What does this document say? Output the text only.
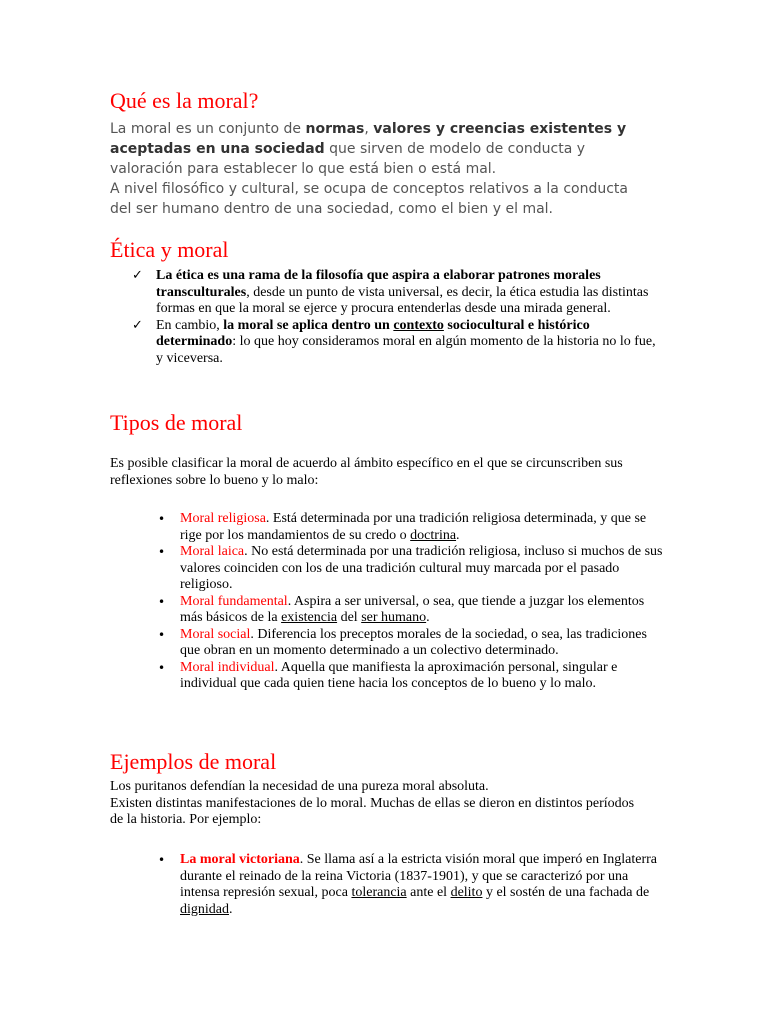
Qué es la moral?

La moral es un conjunto de normas, valores y creencias existentes y aceptadas en una sociedad que sirven de modelo de conducta y valoración para establecer lo que está bien o está mal.

A nivel filosófico y cultural, se ocupa de conceptos relativos a la conducta del ser humano dentro de una sociedad, como el bien y el mal.

Ética y moral
✓ La ética es una rama de la filosofía que aspira a elaborar patrones morales transculturales, desde un punto de vista universal, es decir, la ética estudia las distintas formas en que la moral se ejerce y procura entenderlas desde una mirada general.
✓ En cambio, la moral se aplica dentro un contexto sociocultural e histórico determinado: lo que hoy consideramos moral en algún momento de la historia no lo fue, y viceversa.
Tipos de moral

Es posible clasificar la moral de acuerdo al ámbito específico en el que se circunscriben sus reflexiones sobre lo bueno y lo malo:

• Moral religiosa. Está determinada por una tradición religiosa determinada, y que se rige por los mandamientos de su credo o doctrina.
• Moral laica. No está determinada por una tradición religiosa, incluso si muchos de sus valores coinciden con los de una tradición cultural muy marcada por el pasado religioso.
• Moral fundamental. Aspira a ser universal, o sea, que tiende a juzgar los elementos más básicos de la existencia del ser humano.
• Moral social. Diferencia los preceptos morales de la sociedad, o sea, las tradiciones que obran en un momento determinado a un colectivo determinado.
• Moral individual. Aquella que manifiesta la aproximación personal, singular e individual que cada quien tiene hacia los conceptos de lo bueno y lo malo.
Ejemplos de moral

Los puritanos defendían la necesidad de una pureza moral absoluta.

Existen distintas manifestaciones de lo moral. Muchas de ellas se dieron en distintos períodos de la historia. Por ejemplo:

• La moral victoriana. Se llama así a la estricta visión moral que imperó en Inglaterra durante el reinado de la reina Victoria (1837-1901), y que se caracterizó por una intensa represión sexual, poca tolerancia ante el delito y el sostén de una fachada de dignidad.
